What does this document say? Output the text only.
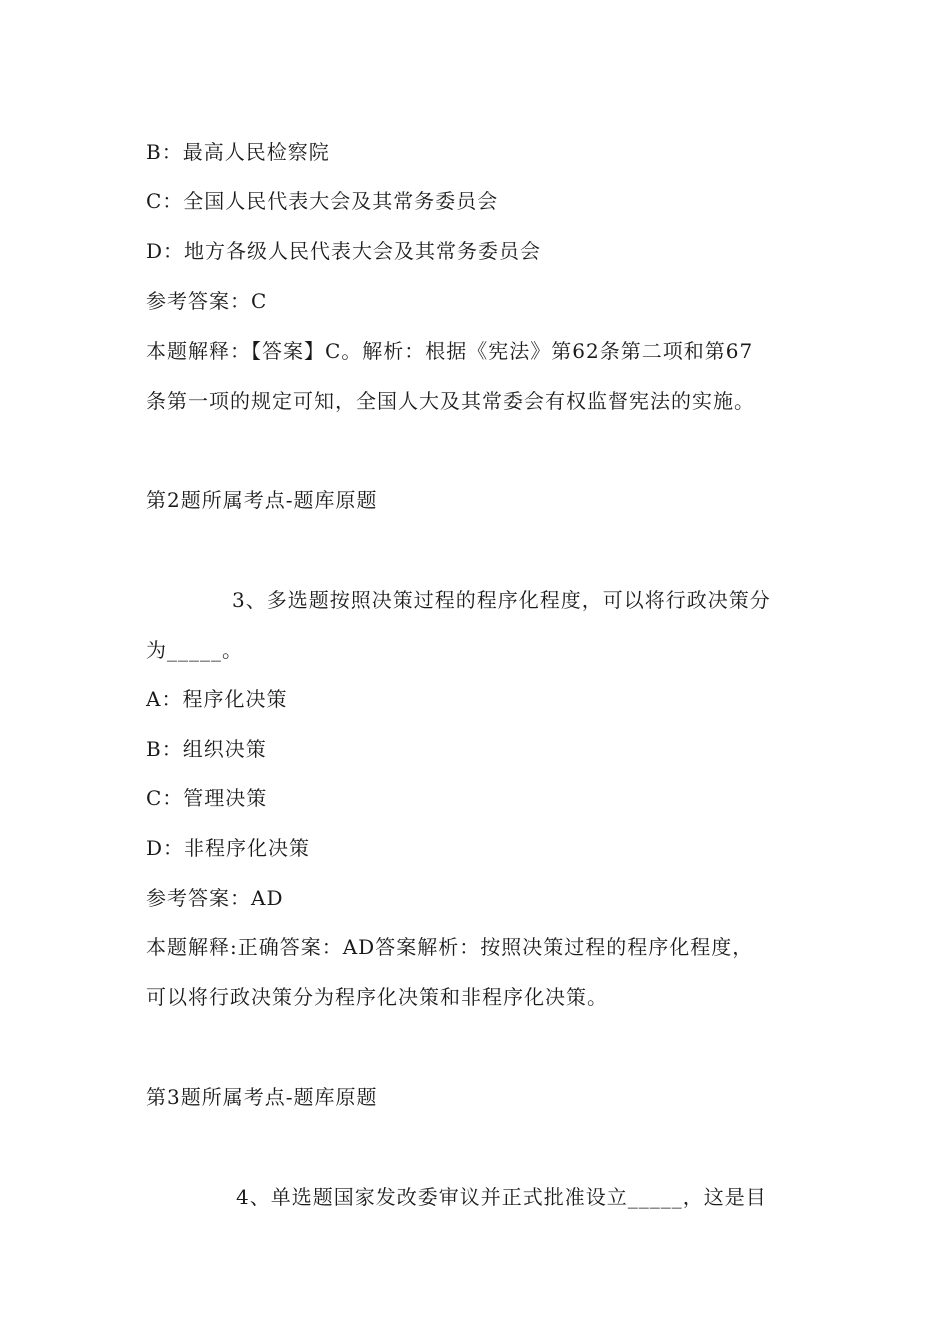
B：最高人民检察院
C：全国人民代表大会及其常务委员会
D：地方各级人民代表大会及其常务委员会
参考答案：C
本题解释：【答案】C。解析：根据《宪法》第62条第二项和第67
条第一项的规定可知，全国人大及其常委会有权监督宪法的实施。
第2题所属考点-题库原题
3、多选题按照决策过程的程序化程度，可以将行政决策分
为_____。
A：程序化决策
B：组织决策
C：管理决策
D：非程序化决策
参考答案：AD
本题解释:正确答案：AD答案解析：按照决策过程的程序化程度，
可以将行政决策分为程序化决策和非程序化决策。
第3题所属考点-题库原题
4、单选题国家发改委审议并正式批准设立_____，这是目
